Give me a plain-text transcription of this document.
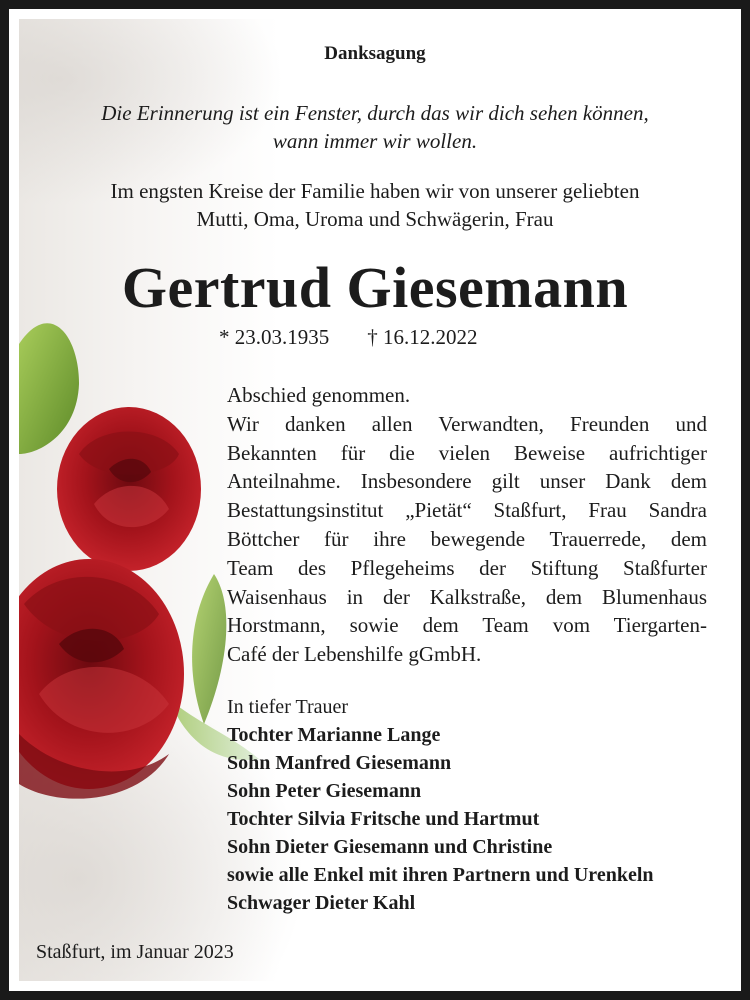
Danksagung
Die Erinnerung ist ein Fenster, durch das wir dich sehen können,
wann immer wir wollen.
Im engsten Kreise der Familie haben wir von unserer geliebten
Mutti, Oma, Uroma und Schwägerin, Frau
Gertrud Giesemann
* 23.03.1935 † 16.12.2022
Abschied genommen.
Wir danken allen Verwandten, Freunden und
Bekannten für die vielen Beweise aufrichtiger
Anteilnahme. Insbesondere gilt unser Dank dem
Bestattungsinstitut „Pietät“ Staßfurt, Frau Sandra
Böttcher für ihre bewegende Trauerrede, dem
Team des Pflegeheims der Stiftung Staßfurter
Waisenhaus in der Kalkstraße, dem Blumenhaus
Horstmann, sowie dem Team vom Tiergarten-
Café der Lebenshilfe gGmbH.
In tiefer Trauer
Tochter Marianne Lange
Sohn Manfred Giesemann
Sohn Peter Giesemann
Tochter Silvia Fritsche und Hartmut
Sohn Dieter Giesemann und Christine
sowie alle Enkel mit ihren Partnern und Urenkeln
Schwager Dieter Kahl
Staßfurt, im Januar 2023
